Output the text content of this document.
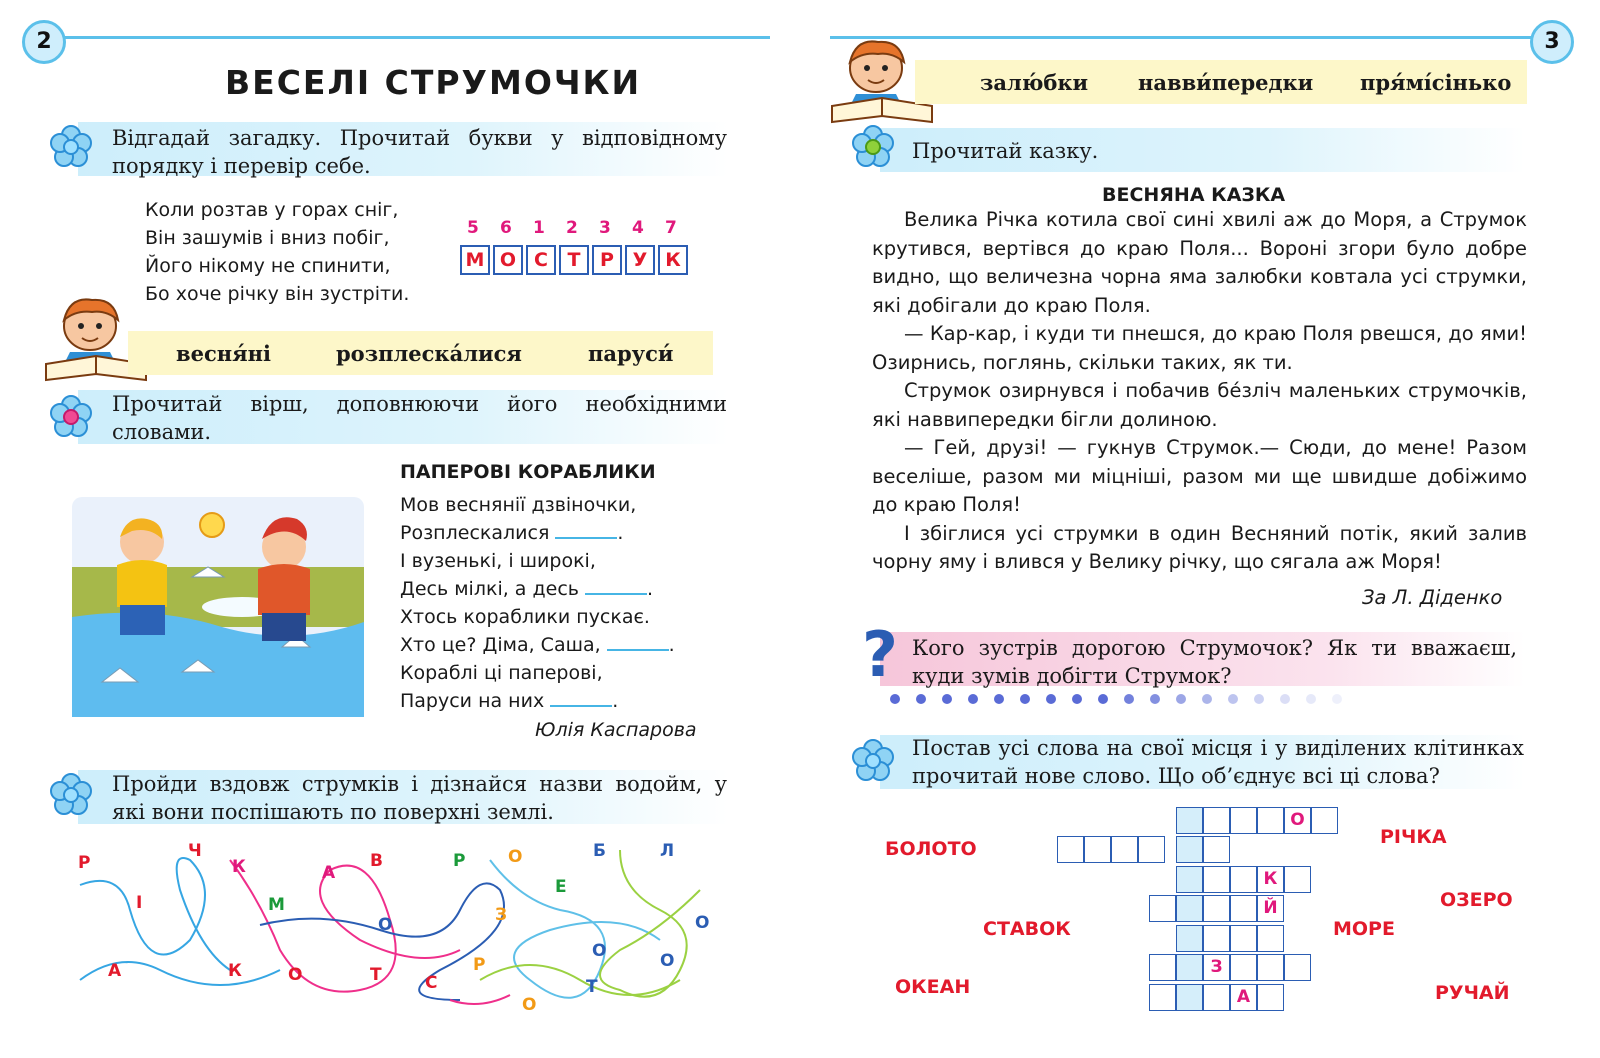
2	3
ВЕСЕЛІ СТРУМОЧКИ
Відгадай загадку. Прочитай букви у відповідному порядку і перевір себе.
Коли розтав у горах сніг,
Він зашумів і вниз побіг,
Його нікому не спинити,
Бо хоче річку він зустріти.
5 6 1 2 3 4 7
М О С	Т	Р У К
весня́ні	розплеска́лися	паруси́
Прочитай вірш, доповнюючи його необхідними словами.
ПАПЕРОВІ КОРАБЛИКИ
Мов веснянії дзвіночки,
Розплескалися	.
І вузенькі, і широкі,
Десь мілкі, а десь	.
Хтось кораблики пускає.
Хто це? Діма, Саша,	.
Кораблі ці паперові,
Паруси на них	.
Юлія Каспарова
Пройди вздовж струмків і дізнайся назви водойм, у які вони поспішають по поверхні землі.
Р
Ч
К
І
А	К
М
А
В
О
О	Т	С
Р	О
З
Е
Р
О
Б	Л
О
О	О
Т
залю́бки навви́передки пря́мі́сінько
Прочитай казку.
ВЕСНЯНА КАЗКА

Велика Річка котила свої сині хвилі аж до Моря, а Струмок крутився, вертівся до краю Поля... Вороні згори було добре видно, що величезна чорна яма залюбки ковтала усі струмки, які добігали до краю Поля.

— Кар-кар, і куди ти пнешся, до краю Поля рвешся, до ями! Озирнись, поглянь, скільки таких, як ти.

Струмок озирнувся і побачив бе́зліч маленьких струмочків, які наввипередки бігли долиною.

— Гей, друзі! — гукнув Струмок.— Сюди, до мене! Разом веселіше, разом ми міцніші, разом ми ще швидше добіжимо до краю Поля!

І збіглися усі струмки в один Весняний потік, який залив чорну яму і влився у Велику річку, що сягала аж Моря!

За Л. Діденко
? Кого зустрів дорогою Струмочок? Як ти вважаєш, куди зумів добігти Струмок?
Постав усі слова на свої місця і у виділених клітинках прочитай нове слово. Що об’єднує всі ці слова?
БОЛОТО
СТАВОК
ОКЕАН
РІЧКА
ОЗЕРО
МОРЕ
РУЧАЙ
О
К
Й
З
А
